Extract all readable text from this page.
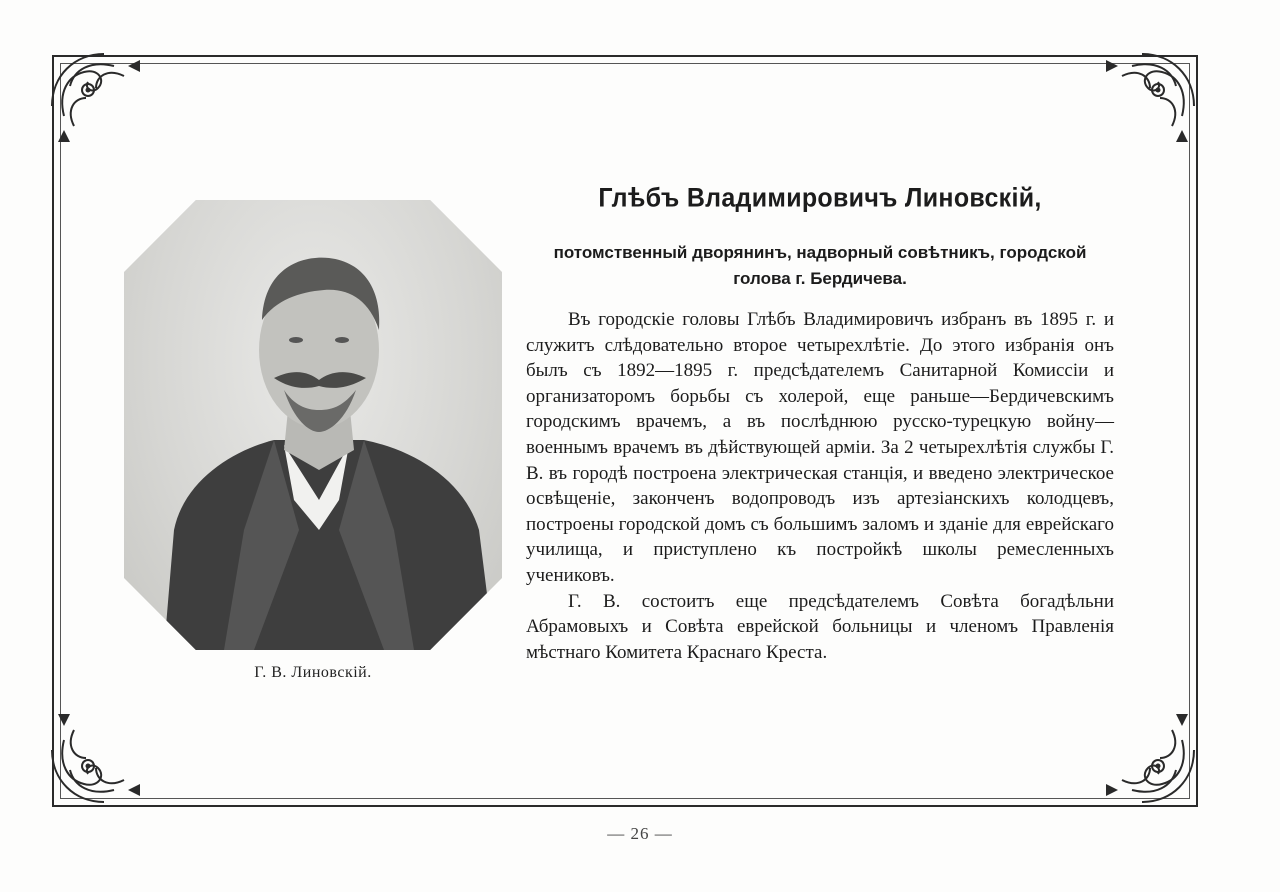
Г. В. Линовскiй.
Глѣбъ Владимировичъ Линовскiй,
потомственный дворянинъ, надворный совѣтникъ, городской голова г. Бердичева.

Въ городскiе головы Глѣбъ Владимировичъ избранъ въ 1895 г. и служитъ слѣдовательно второе четырехлѣтiе. До этого избранiя онъ былъ съ 1892—1895 г. предсѣдателемъ Санитарной Комиссiи и организаторомъ борьбы съ холерой, еще раньше—Бердичевскимъ городскимъ врачемъ, а въ послѣднюю русско-турецкую войну—военнымъ врачемъ въ дѣйствующей армiи. За 2 четырехлѣтiя службы Г. В. въ городѣ построена электрическая станцiя, и введено электрическое освѣщенiе, законченъ водопроводъ изъ артезiанскихъ колодцевъ, построены городской домъ съ большимъ заломъ и зданiе для еврейскаго училища, и приступлено къ постройкѣ школы ремесленныхъ учениковъ.

Г. В. состоитъ еще предсѣдателемъ Совѣта богадѣльни Абрамовыхъ и Совѣта еврейской больницы и членомъ Правленiя мѣстнаго Комитета Краснаго Креста.

— 26 —
